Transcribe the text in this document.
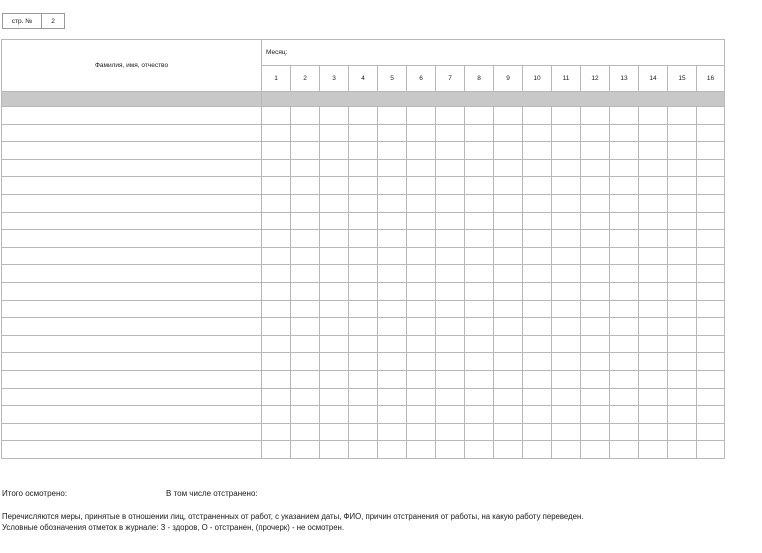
стр. №	2
Фамилия, имя, отчество	Месяц:															
	1	2	3	4	5	6	7	8	9	10	11	12	13	14	15	16

Итого осмотрено:	В том числе отстранено:
Перечисляются меры, принятые в отношении лиц, отстраненных от работ, с указанием даты, ФИО, причин отстранения от работы, на какую работу переведен.
Условные обозначения отметок в журнале: З - здоров, О - отстранен, (прочерк) - не осмотрен.
